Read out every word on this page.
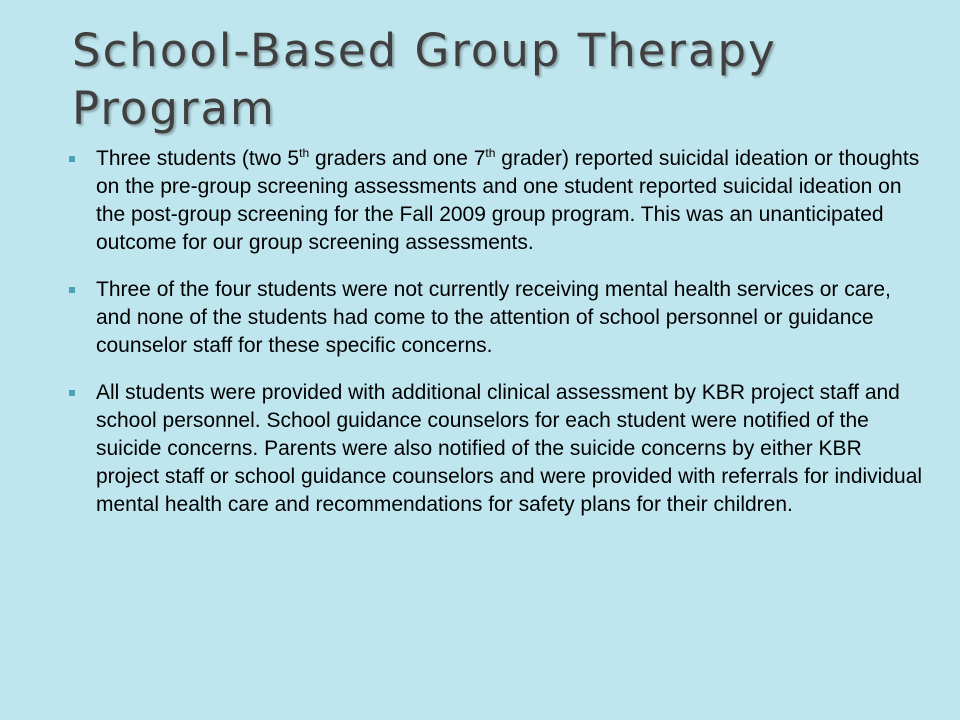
School-Based Group Therapy Program
Three students (two 5th graders and one 7th grader) reported suicidal ideation or thoughts on the pre-group screening assessments and one student reported suicidal ideation on the post-group screening for the Fall 2009 group program. This was an unanticipated outcome for our group screening assessments.
Three of the four students were not currently receiving mental health services or care, and none of the students had come to the attention of school personnel or guidance counselor staff for these specific concerns.
All students were provided with additional clinical assessment by KBR project staff and school personnel. School guidance counselors for each student were notified of the suicide concerns. Parents were also notified of the suicide concerns by either KBR project staff or school guidance counselors and were provided with referrals for individual mental health care and recommendations for safety plans for their children.
